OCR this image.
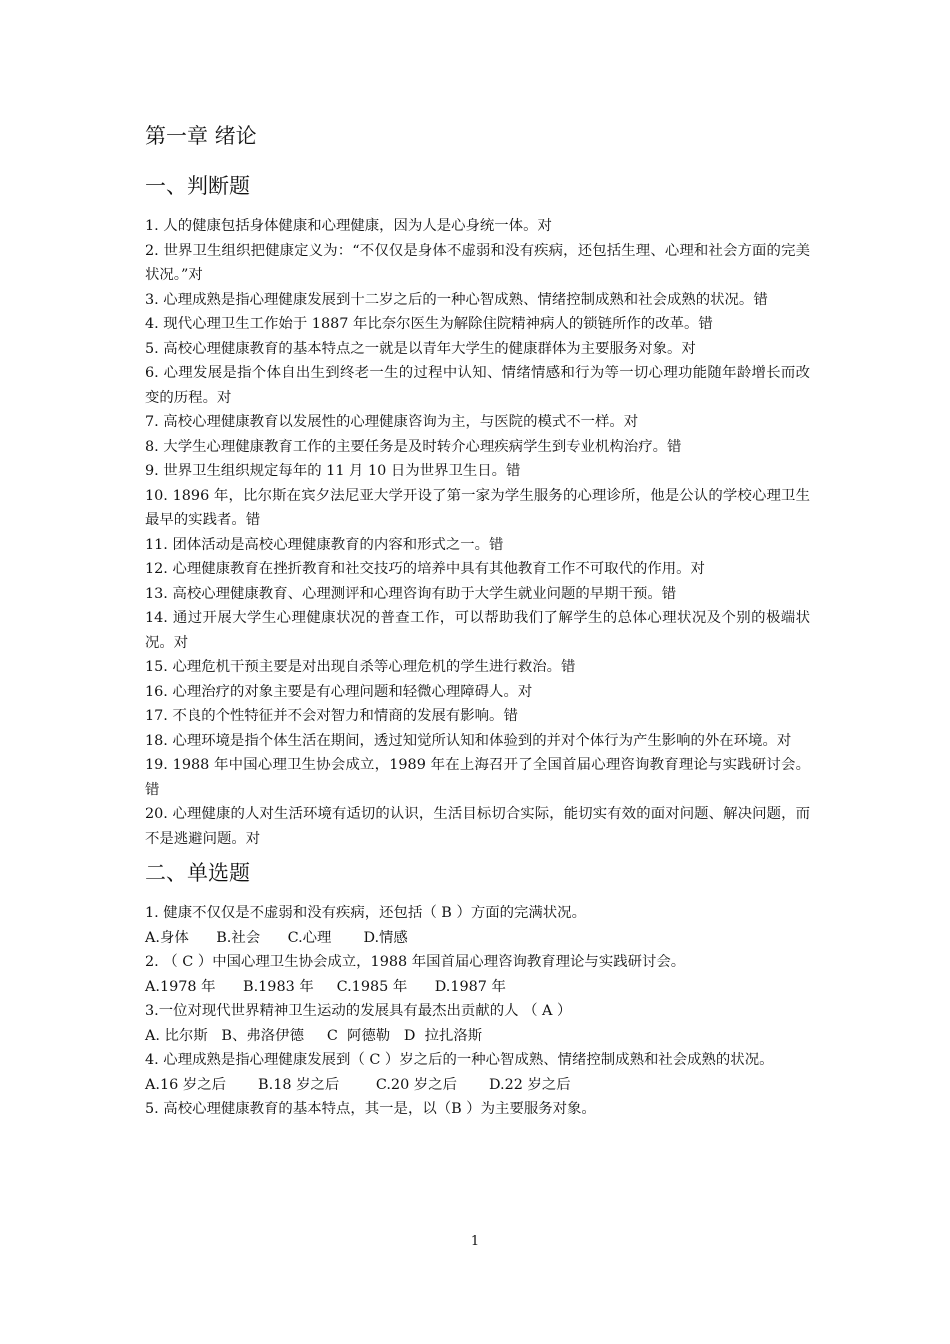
第一章 绪论
一、判断题
1. 人的健康包括身体健康和心理健康，因为人是心身统一体。对
2. 世界卫生组织把健康定义为：“不仅仅是身体不虚弱和没有疾病，还包括生理、心理和社会方面的完美状况。”对
3. 心理成熟是指心理健康发展到十二岁之后的一种心智成熟、情绪控制成熟和社会成熟的状况。错
4. 现代心理卫生工作始于 1887 年比奈尔医生为解除住院精神病人的锁链所作的改革。错
5. 高校心理健康教育的基本特点之一就是以青年大学生的健康群体为主要服务对象。对
6. 心理发展是指个体自出生到终老一生的过程中认知、情绪情感和行为等一切心理功能随年龄增长而改变的历程。对
7. 高校心理健康教育以发展性的心理健康咨询为主，与医院的模式不一样。对
8. 大学生心理健康教育工作的主要任务是及时转介心理疾病学生到专业机构治疗。错
9. 世界卫生组织规定每年的 11 月 10 日为世界卫生日。错
10. 1896 年，比尔斯在宾夕法尼亚大学开设了第一家为学生服务的心理诊所，他是公认的学校心理卫生最早的实践者。错
11. 团体活动是高校心理健康教育的内容和形式之一。错
12. 心理健康教育在挫折教育和社交技巧的培养中具有其他教育工作不可取代的作用。对
13. 高校心理健康教育、心理测评和心理咨询有助于大学生就业问题的早期干预。错
14. 通过开展大学生心理健康状况的普查工作，可以帮助我们了解学生的总体心理状况及个别的极端状况。对
15. 心理危机干预主要是对出现自杀等心理危机的学生进行救治。错
16. 心理治疗的对象主要是有心理问题和轻微心理障碍人。对
17. 不良的个性特征并不会对智力和情商的发展有影响。错
18. 心理环境是指个体生活在期间，透过知觉所认知和体验到的并对个体行为产生影响的外在环境。对
19. 1988 年中国心理卫生协会成立，1989 年在上海召开了全国首届心理咨询教育理论与实践研讨会。错
20. 心理健康的人对生活环境有适切的认识，生活目标切合实际，能切实有效的面对问题、解决问题，而不是逃避问题。对
二、单选题
1. 健康不仅仅是不虚弱和没有疾病，还包括（ B ）方面的完满状况。
A.身体      B.社会      C.心理       D.情感
2. （ C ）中国心理卫生协会成立，1988 年国首届心理咨询教育理论与实践研讨会。
A.1978 年      B.1983 年     C.1985 年      D.1987 年
3.一位对现代世界精神卫生运动的发展具有最杰出贡献的人 （ A ）
A. 比尔斯   B、弗洛伊德     C  阿德勒   D  拉扎洛斯
4. 心理成熟是指心理健康发展到（ C ）岁之后的一种心智成熟、情绪控制成熟和社会成熟的状况。
A.16 岁之后       B.18 岁之后        C.20 岁之后       D.22 岁之后
5. 高校心理健康教育的基本特点，其一是，以（B ）为主要服务对象。
1
